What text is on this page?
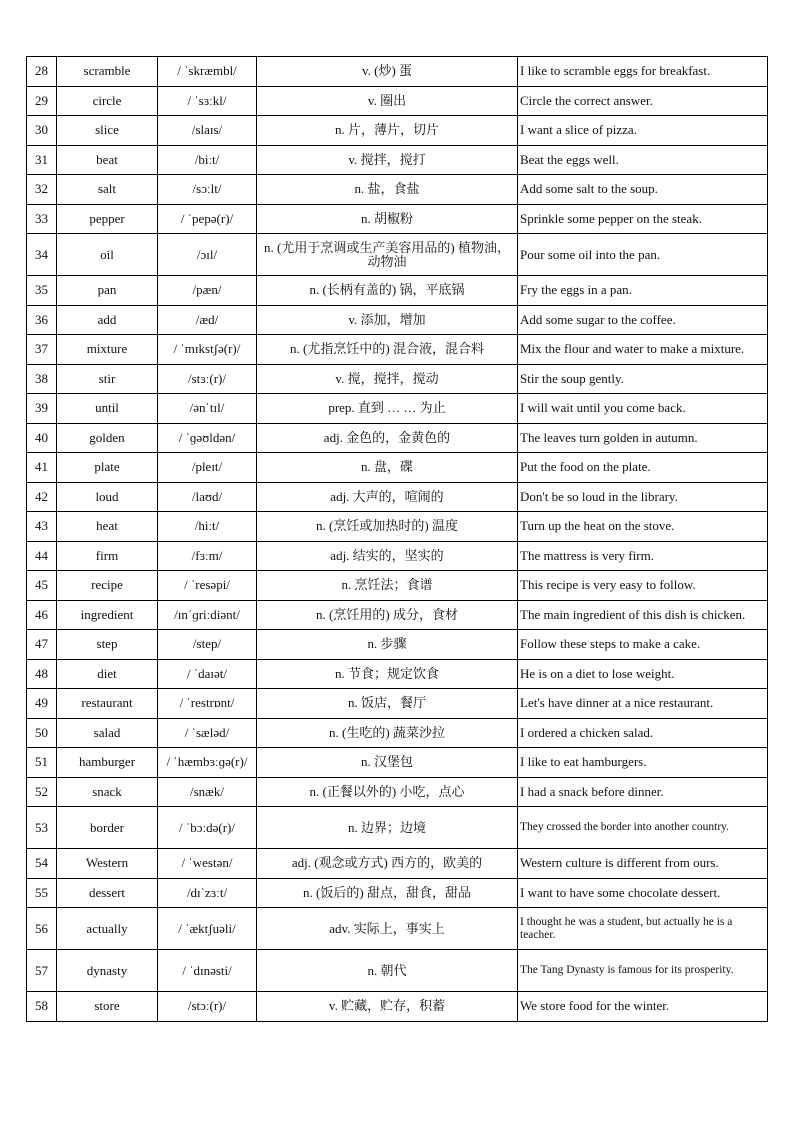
28	scramble	/ ˈskræmbl/	v. (炒) 蛋	I like to scramble eggs for breakfast.
29	circle	/ ˈsɜːkl/	v. 圈出	Circle the correct answer.
30	slice	/slaɪs/	n. 片，薄片，切片	I want a slice of pizza.
31	beat	/biːt/	v. 搅拌，搅打	Beat the eggs well.
32	salt	/sɔːlt/	n. 盐，食盐	Add some salt to the soup.
33	pepper	/ ˈpepə(r)/	n. 胡椒粉	Sprinkle some pepper on the steak.
34	oil	/ɔɪl/	n. (尤用于烹调或生产美容用品的) 植物油，动物油	Pour some oil into the pan.
35	pan	/pæn/	n. (长柄有盖的) 锅，平底锅	Fry the eggs in a pan.
36	add	/æd/	v. 添加，增加	Add some sugar to the coffee.
37	mixture	/ ˈmɪkstʃə(r)/	n. (尤指烹饪中的) 混合液，混合料	Mix the flour and water to make a mixture.
38	stir	/stɜː(r)/	v. 搅，搅拌，搅动	Stir the soup gently.
39	until	/ənˈtɪl/	prep. 直到 … … 为止	I will wait until you come back.
40	golden	/ ˈɡəʊldən/	adj. 金色的，金黄色的	The leaves turn golden in autumn.
41	plate	/pleɪt/	n. 盘，碟	Put the food on the plate.
42	loud	/laʊd/	adj. 大声的，喧闹的	Don't be so loud in the library.
43	heat	/hiːt/	n. (烹饪或加热时的) 温度	Turn up the heat on the stove.
44	firm	/fɜːm/	adj. 结实的，坚实的	The mattress is very firm.
45	recipe	/ ˈresəpi/	n. 烹饪法；食谱	This recipe is very easy to follow.
46	ingredient	/ɪnˈɡriːdiənt/	n. (烹饪用的) 成分，食材	The main ingredient of this dish is chicken.
47	step	/step/	n. 步骤	Follow these steps to make a cake.
48	diet	/ ˈdaɪət/	n. 节食；规定饮食	He is on a diet to lose weight.
49	restaurant	/ ˈrestrɒnt/	n. 饭店，餐厅	Let's have dinner at a nice restaurant.
50	salad	/ ˈsæləd/	n. (生吃的) 蔬菜沙拉	I ordered a chicken salad.
51	hamburger	/ ˈhæmbɜːɡə(r)/	n. 汉堡包	I like to eat hamburgers.
52	snack	/snæk/	n. (正餐以外的) 小吃，点心	I had a snack before dinner.
53	border	/ ˈbɔːdə(r)/	n. 边界；边境	They crossed the border into another country.
54	Western	/ ˈwestən/	adj. (观念或方式) 西方的，欧美的	Western culture is different from ours.
55	dessert	/dɪˈzɜːt/	n. (饭后的) 甜点，甜食，甜品	I want to have some chocolate dessert.
56	actually	/ ˈæktʃuəli/	adv. 实际上，事实上	I thought he was a student, but actually he is a teacher.
57	dynasty	/ ˈdɪnəsti/	n. 朝代	The Tang Dynasty is famous for its prosperity.
58	store	/stɔː(r)/	v. 贮藏，贮存，积蓄	We store food for the winter.
